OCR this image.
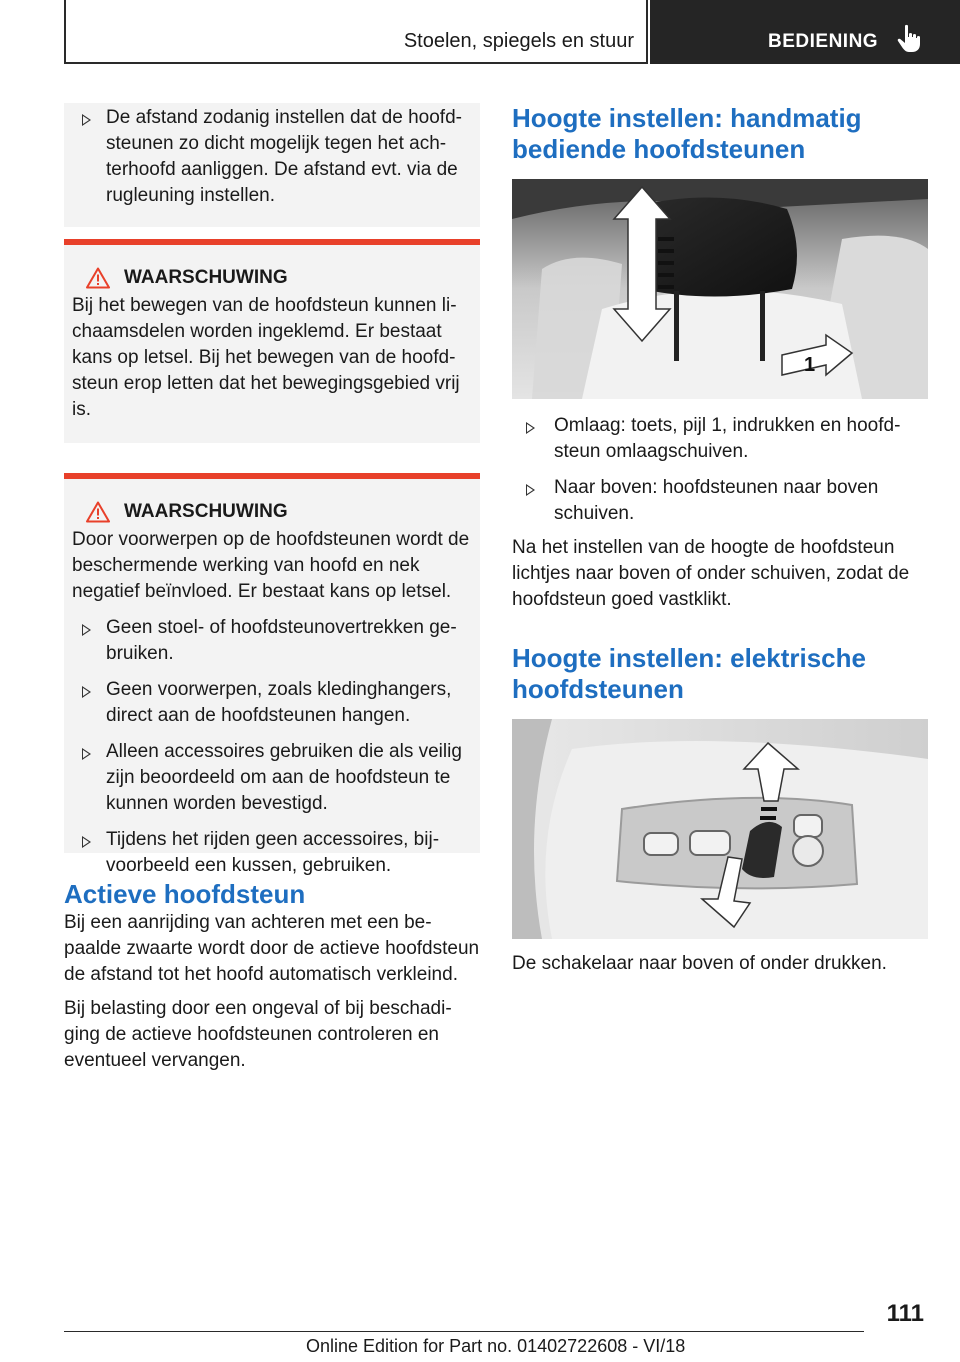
Stoelen, spiegels en stuur	BEDIENING
De afstand zodanig instellen dat de hoofdsteunen zo dicht mogelijk tegen het achterhoofd aanliggen. De afstand evt. via de rugleuning instellen.
WAARSCHUWING

Bij het bewegen van de hoofdsteun kunnen lichaamsdelen worden ingeklemd. Er bestaat kans op letsel. Bij het bewegen van de hoofdsteun erop letten dat het bewegingsgebied vrij is.

WAARSCHUWING

Door voorwerpen op de hoofdsteunen wordt de beschermende werking van hoofd en nek negatief beïnvloed. Er bestaat kans op letsel.

Geen stoel- of hoofdsteunovertrekken gebruiken.
Geen voorwerpen, zoals kledinghangers, direct aan de hoofdsteunen hangen.
Alleen accessoires gebruiken die als veilig zijn beoordeeld om aan de hoofdsteun te kunnen worden bevestigd.
Tijdens het rijden geen accessoires, bijvoorbeeld een kussen, gebruiken.
Actieve hoofdsteun

Bij een aanrijding van achteren met een bepaalde zwaarte wordt door de actieve hoofdsteun de afstand tot het hoofd automatisch verkleind.

Bij belasting door een ongeval of bij beschadiging de actieve hoofdsteunen controleren en eventueel vervangen.

Hoogte instellen: handmatig bediende hoofdsteunen
1
Omlaag: toets, pijl 1, indrukken en hoofdsteun omlaagschuiven.
Naar boven: hoofdsteunen naar boven schuiven.

Na het instellen van de hoogte de hoofdsteun lichtjes naar boven of onder schuiven, zodat de hoofdsteun goed vastklikt.

Hoogte instellen: elektrische hoofdsteunen

De schakelaar naar boven of onder drukken.

111
Online Edition for Part no. 01402722608 - VI/18
